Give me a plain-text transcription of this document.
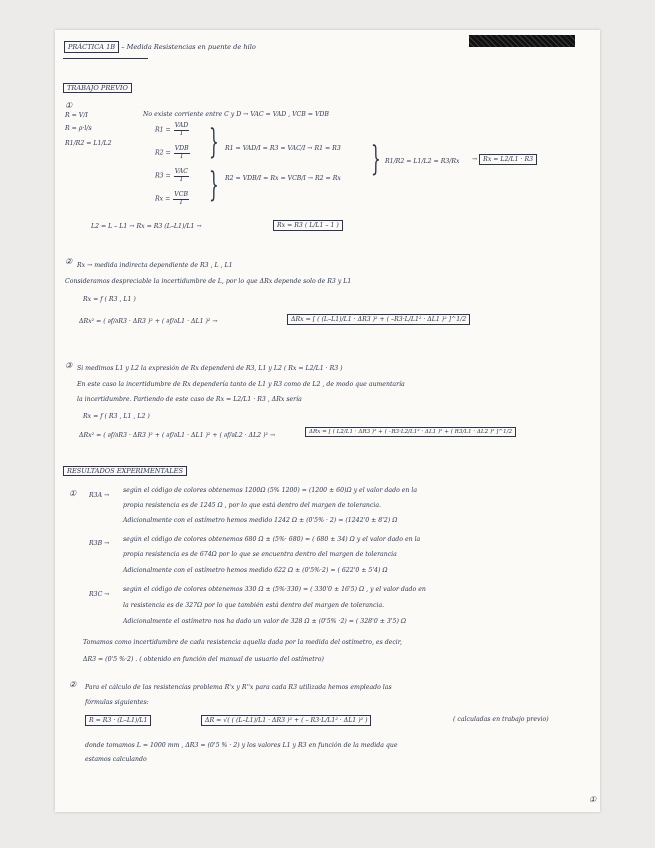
PRÁCTICA 1B – Medida Resistencias en puente de hilo
TRABAJO PREVIO
①
R = V/I
R = ρ·l/s
R1/R2 = L1/L2
No existe corriente entre C y D → VAC = VAD , VCB = VDB
R1 =
VAD
I
R2 =
VDB
I
R3 =
VAC
I
Rx =
VCB
I
}
}
R1 = VAD/I = R3 = VAC/I → R1 = R3
R2 = VDB/I = Rx = VCB/I → R2 = Rx } R1/R2 = L1/L2 = R3/Rx → Rx = L2/L1 · R3
L2 = L – L1 → Rx = R3 (L–L1)/L1 →	Rx = R3 ( L/L1 – 1 )
② Rx → medida indirecta dependiente de R3 , L , L1
Consideramos despreciable la incertidumbre de L, por lo que ΔRx depende solo de R3 y L1
Rx = f ( R3 , L1 )
ΔRx² = ( ∂f/∂R3 · ΔR3 )² + ( ∂f/∂L1 · ΔL1 )² →	ΔRx = [ ( (L–L1)/L1 · ΔR3 )² + ( –R3·L/L1² · ΔL1 )² ]^1/2
③ Si medimos L1 y L2 la expresión de Rx dependerá de R3, L1 y L2 ( Rx = L2/L1 · R3 )
En este caso la incertidumbre de Rx dependería tanto de L1 y R3 como de L2 , de modo que aumentaría
la incertidumbre. Partiendo de este caso de Rx = L2/L1 · R3 , ΔRx sería
Rx = f ( R3 , L1 , L2 )
ΔRx² = ( ∂f/∂R3 · ΔR3 )² + ( ∂f/∂L1 · ΔL1 )² + ( ∂f/∂L2 · ΔL2 )² →	ΔRx = [ ( L2/L1 · ΔR3 )² + ( –R3·L2/L1² · ΔL1 )² + ( R3/L1 · ΔL2 )² ]^1/2
RESULTADOS EXPERIMENTALES
① R3A →
según el código de colores obtenemos 1200Ω (5% 1200) = (1200 ± 60)Ω y el valor dado en la
propia resistencia es de 1245 Ω , por lo que está dentro del margen de tolerancia.
Adicionalmente con el ostímetro hemos medido 1242 Ω ± (0'5% · 2) = (1242'0 ± 8'2) Ω
R3B →
según el código de colores obtenemos 680 Ω ± (5%· 680) = ( 680 ± 34) Ω y el valor dado en la
propia resistencia es de 674Ω por lo que se encuentra dentro del margen de tolerancia
Adicionalmente con el ostímetro hemos medido 622 Ω ± (0'5%·2) = ( 622'0 ± 5'4) Ω
R3C →
según el código de colores obtenemos 330 Ω ± (5%·330) = ( 330'0 ± 16'5) Ω , y el valor dado en
la resistencia es de 327Ω por lo que también está dentro del margen de tolerancia.
Adicionalmente el ostímetro nos ha dado un valor de 328 Ω ± (0'5% ·2) = ( 328'0 ± 3'5) Ω
Tomamos como incertidumbre de cada resistencia aquella dada por la medida del ostímetro, es decir,
ΔR3 = (0'5 %·2) . ( obtenido en función del manual de usuario del ostímetro)
② Para el cálculo de las resistencias problema R'x y R''x para cada R3 utilizada hemos empleado las
fórmulas siguientes:
R = R3 · (L–L1)/L1	ΔR = √( ( (L–L1)/L1 · ΔR3 )² + ( – R3·L/L1² · ΔL1 )² )	( calculadas en trabajo previo)
donde tomamos L = 1000 mm , ΔR3 = (0'5 % · 2) y los valores L1 y R3 en función de la medida que
estamos calculando
①
